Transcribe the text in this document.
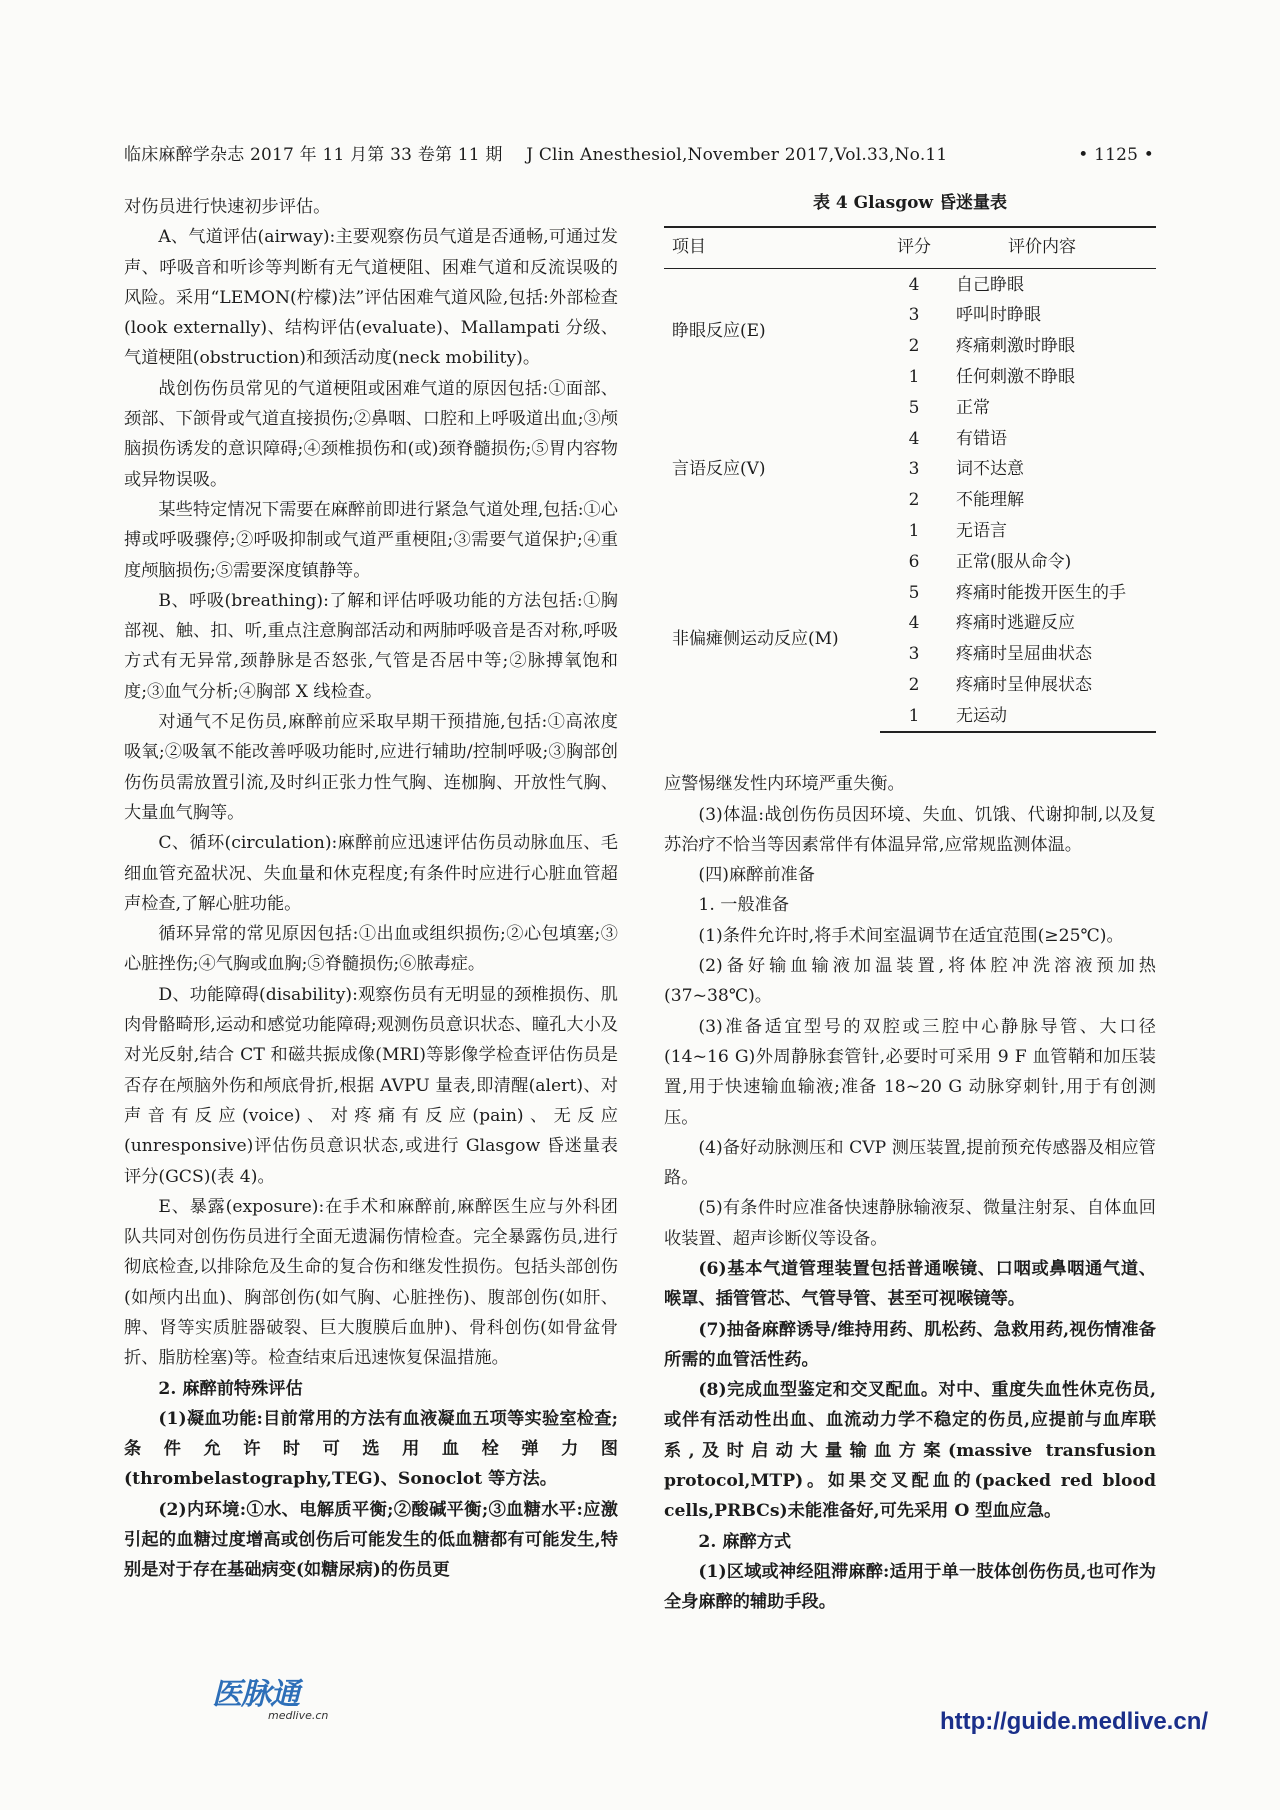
临床麻醉学杂志 2017 年 11 月第 33 卷第 11 期 J Clin Anesthesiol,November 2017,Vol.33,No.11	• 1125 •

对伤员进行快速初步评估。

A、气道评估(airway):主要观察伤员气道是否通畅,可通过发声、呼吸音和听诊等判断有无气道梗阻、困难气道和反流误吸的风险。采用“LEMON(柠檬)法”评估困难气道风险,包括:外部检查(look externally)、结构评估(evaluate)、Mallampati 分级、气道梗阻(obstruction)和颈活动度(neck mobility)。

战创伤伤员常见的气道梗阻或困难气道的原因包括:①面部、颈部、下颌骨或气道直接损伤;②鼻咽、口腔和上呼吸道出血;③颅脑损伤诱发的意识障碍;④颈椎损伤和(或)颈脊髓损伤;⑤胃内容物或异物误吸。

某些特定情况下需要在麻醉前即进行紧急气道处理,包括:①心搏或呼吸骤停;②呼吸抑制或气道严重梗阻;③需要气道保护;④重度颅脑损伤;⑤需要深度镇静等。

B、呼吸(breathing):了解和评估呼吸功能的方法包括:①胸部视、触、扣、听,重点注意胸部活动和两肺呼吸音是否对称,呼吸方式有无异常,颈静脉是否怒张,气管是否居中等;②脉搏氧饱和度;③血气分析;④胸部 X 线检查。

对通气不足伤员,麻醉前应采取早期干预措施,包括:①高浓度吸氧;②吸氧不能改善呼吸功能时,应进行辅助/控制呼吸;③胸部创伤伤员需放置引流,及时纠正张力性气胸、连枷胸、开放性气胸、大量血气胸等。

C、循环(circulation):麻醉前应迅速评估伤员动脉血压、毛细血管充盈状况、失血量和休克程度;有条件时应进行心脏血管超声检查,了解心脏功能。

循环异常的常见原因包括:①出血或组织损伤;②心包填塞;③心脏挫伤;④气胸或血胸;⑤脊髓损伤;⑥脓毒症。

D、功能障碍(disability):观察伤员有无明显的颈椎损伤、肌肉骨骼畸形,运动和感觉功能障碍;观测伤员意识状态、瞳孔大小及对光反射,结合 CT 和磁共振成像(MRI)等影像学检查评估伤员是否存在颅脑外伤和颅底骨折,根据 AVPU 量表,即清醒(alert)、对声音有反应(voice)、对疼痛有反应(pain)、无反应(unresponsive)评估伤员意识状态,或进行 Glasgow 昏迷量表评分(GCS)(表 4)。

E、暴露(exposure):在手术和麻醉前,麻醉医生应与外科团队共同对创伤伤员进行全面无遗漏伤情检查。完全暴露伤员,进行彻底检查,以排除危及生命的复合伤和继发性损伤。包括头部创伤(如颅内出血)、胸部创伤(如气胸、心脏挫伤)、腹部创伤(如肝、脾、肾等实质脏器破裂、巨大腹膜后血肿)、骨科创伤(如骨盆骨折、脂肪栓塞)等。检查结束后迅速恢复保温措施。

2. 麻醉前特殊评估

(1)凝血功能:目前常用的方法有血液凝血五项等实验室检查;条件允许时可选用血栓弹力图(thrombelastography,TEG)、Sonoclot 等方法。

(2)内环境:①水、电解质平衡;②酸碱平衡;③血糖水平:应激引起的血糖过度增高或创伤后可能发生的低血糖都有可能发生,特别是对于存在基础病变(如糖尿病)的伤员更

表 4 Glasgow 昏迷量表
项目	评分	评价内容
睁眼反应(E)	4	自己睁眼
	3	呼叫时睁眼
	2	疼痛刺激时睁眼
	1	任何刺激不睁眼
言语反应(V)	5	正常
	4	有错语
	3	词不达意
	2	不能理解
	1	无语言
非偏瘫侧运动反应(M)	6	正常(服从命令)
	5	疼痛时能拨开医生的手
	4	疼痛时逃避反应
	3	疼痛时呈屈曲状态
	2	疼痛时呈伸展状态
	1	无运动

应警惕继发性内环境严重失衡。

(3)体温:战创伤伤员因环境、失血、饥饿、代谢抑制,以及复苏治疗不恰当等因素常伴有体温异常,应常规监测体温。

(四)麻醉前准备

1. 一般准备

(1)条件允许时,将手术间室温调节在适宜范围(≥25℃)。

(2)备好输血输液加温装置,将体腔冲洗溶液预加热(37~38℃)。

(3)准备适宜型号的双腔或三腔中心静脉导管、大口径(14~16 G)外周静脉套管针,必要时可采用 9 F 血管鞘和加压装置,用于快速输血输液;准备 18~20 G 动脉穿刺针,用于有创测压。

(4)备好动脉测压和 CVP 测压装置,提前预充传感器及相应管路。

(5)有条件时应准备快速静脉输液泵、微量注射泵、自体血回收装置、超声诊断仪等设备。

(6)基本气道管理装置包括普通喉镜、口咽或鼻咽通气道、喉罩、插管管芯、气管导管、甚至可视喉镜等。

(7)抽备麻醉诱导/维持用药、肌松药、急救用药,视伤情准备所需的血管活性药。

(8)完成血型鉴定和交叉配血。对中、重度失血性休克伤员,或伴有活动性出血、血流动力学不稳定的伤员,应提前与血库联系,及时启动大量输血方案(massive transfusion protocol,MTP)。如果交叉配血的(packed red blood cells,PRBCs)未能准备好,可先采用 O 型血应急。

2. 麻醉方式

(1)区域或神经阻滞麻醉:适用于单一肢体创伤伤员,也可作为全身麻醉的辅助手段。

医脉通
medlive.cn	http://guide.medlive.cn/
